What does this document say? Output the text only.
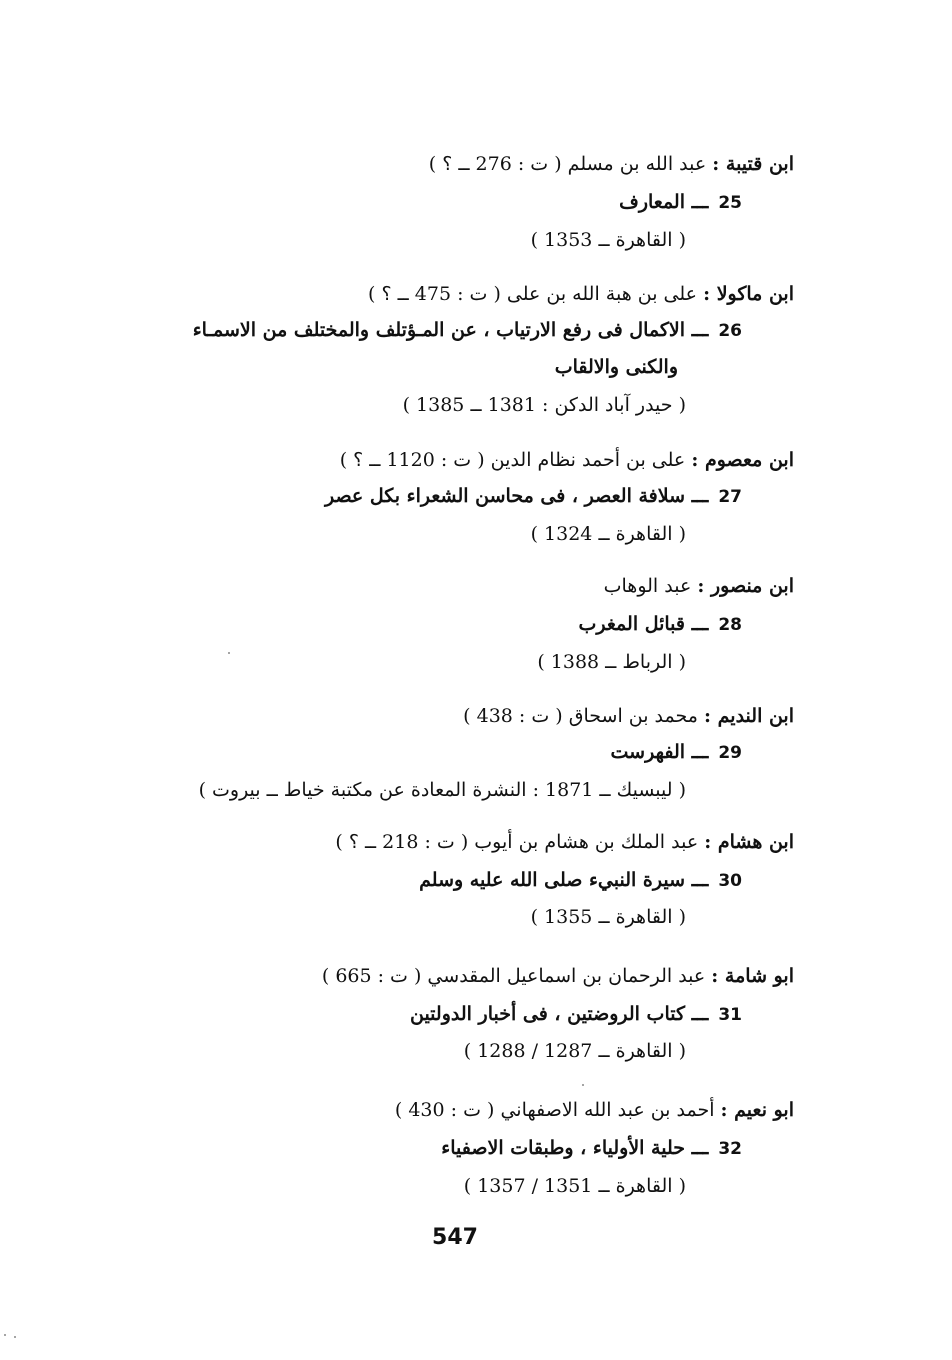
ابن قتيبة : عبد الله بن مسلم ( ت : 276 ــ ؟ )
25ـــ المعارف
( القاهرة ــ 1353 )
ابن ماكولا : على بن هبة الله بن على ( ت : 475 ــ ؟ )
26ـــ الاكمال فى رفع الارتياب ، عن المـؤتلف والمختلف من الاسمـاء
والكنى والالقاب
( حيدر آباد الدكن : 1381 ــ 1385 )
ابن معصوم : على بن أحمد نظام الدين ( ت : 1120 ــ ؟ )
27ـــ سلافة العصر ، فى محاسن الشعراء بكل عصر
( القاهرة ــ 1324 )
ابن منصور : عبد الوهاب
28ـــ قبائل المغرب
( الرباط ــ 1388 )
ابن النديم : محمد بن اسحاق ( ت : 438 )
29ـــ الفهرست
( ليبسيك ــ 1871 : النشرة المعادة عن مكتبة خياط ــ بيروت )
ابن هشام : عبد الملك بن هشام بن أيوب ( ت : 218 ــ ؟ )
30ـــ سيرة النبيء صلى الله عليه وسلم
( القاهرة ــ 1355 )
ابو شامة : عبد الرحمان بن اسماعيل المقدسي ( ت : 665 )
31ـــ كتاب الروضتين ، فى أخبار الدولتين
( القاهرة ــ 1287 / 1288 )
ابو نعيم : أحمد بن عبد الله الاصفهاني ( ت : 430 )
32ـــ حلية الأولياء ، وطبقات الاصفياء
( القاهرة ــ 1351 / 1357 )
547
